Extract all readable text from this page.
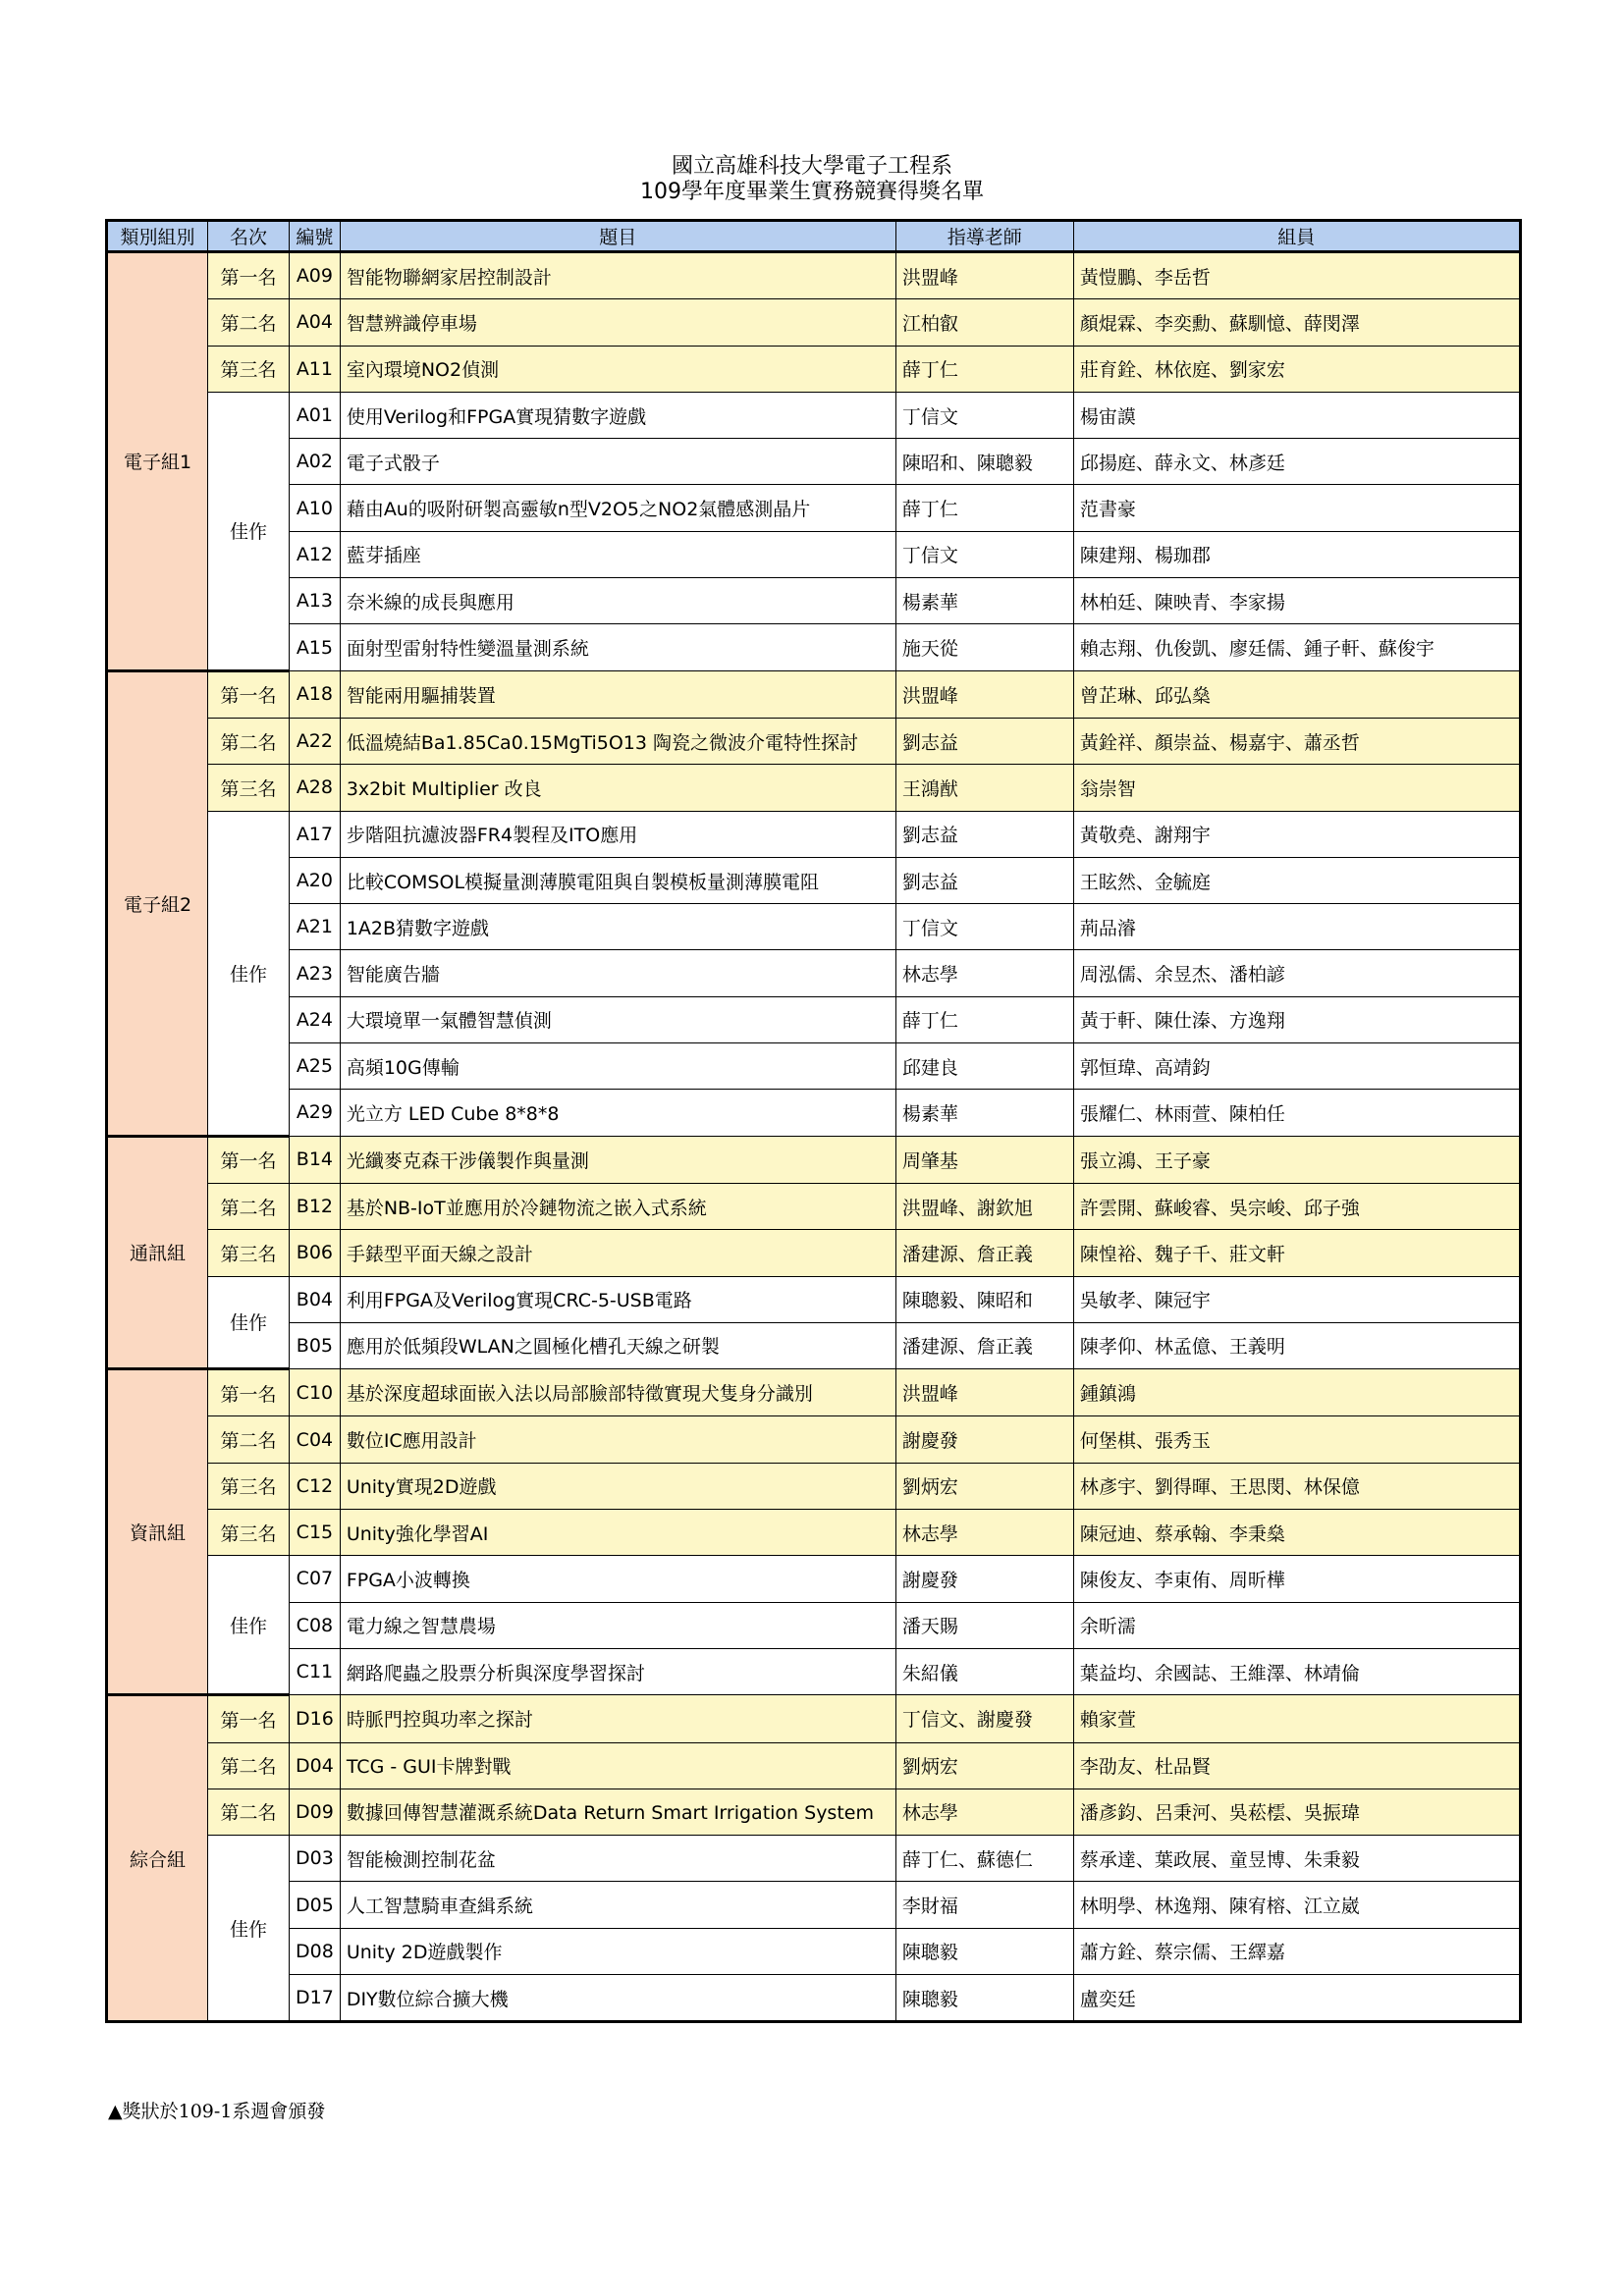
國立高雄科技大學電子工程系
109學年度畢業生實務競賽得獎名單
類別組別	名次	編號	題目	指導老師	組員
電子組1	第一名	A09	智能物聯網家居控制設計	洪盟峰	黃愷鵬、李岳哲
	第二名	A04	智慧辨識停車場	江柏叡	顏焜霖、李奕勳、蘇馴憶、薛閔澤
	第三名	A11	室內環境NO2偵測	薛丁仁	莊育銓、林依庭、劉家宏
	佳作	A01	使用Verilog和FPGA實現猜數字遊戲	丁信文	楊宙謨
		A02	電子式骰子	陳昭和、陳聰毅	邱揚庭、薛永文、林彥廷
		A10	藉由Au的吸附研製高靈敏n型V2O5之NO2氣體感測晶片	薛丁仁	范書豪
		A12	藍芽插座	丁信文	陳建翔、楊珈郡
		A13	奈米線的成長與應用	楊素華	林柏廷、陳映青、李家揚
		A15	面射型雷射特性變溫量測系統	施天從	賴志翔、仇俊凱、廖廷儒、鍾子軒、蘇俊宇
電子組2	第一名	A18	智能兩用驅捕裝置	洪盟峰	曾芷琳、邱弘燊
	第二名	A22	低溫燒結Ba1.85Ca0.15MgTi5O13 陶瓷之微波介電特性探討	劉志益	黃銓祥、顏崇益、楊嘉宇、蕭丞哲
	第三名	A28	3x2bit Multiplier 改良	王鴻猷	翁崇智
	佳作	A17	步階阻抗濾波器FR4製程及ITO應用	劉志益	黃敬堯、謝翔宇
		A20	比較COMSOL模擬量測薄膜電阻與自製模板量測薄膜電阻	劉志益	王眩然、金毓庭
		A21	1A2B猜數字遊戲	丁信文	荊品濬
		A23	智能廣告牆	林志學	周泓儒、余昱杰、潘柏諺
		A24	大環境單一氣體智慧偵測	薛丁仁	黃于軒、陳仕溱、方逸翔
		A25	高頻10G傳輸	邱建良	郭恒瑋、高靖鈞
		A29	光立方 LED Cube 8*8*8	楊素華	張耀仁、林雨萱、陳柏任
通訊組	第一名	B14	光纖麥克森干涉儀製作與量測	周肇基	張立鴻、王子豪
	第二名	B12	基於NB-IoT並應用於冷鏈物流之嵌入式系統	洪盟峰、謝欽旭	許雲開、蘇峻睿、吳宗峻、邱子強
	第三名	B06	手錶型平面天線之設計	潘建源、詹正義	陳惶裕、魏子千、莊文軒
	佳作	B04	利用FPGA及Verilog實現CRC-5-USB電路	陳聰毅、陳昭和	吳敏孝、陳冠宇
		B05	應用於低頻段WLAN之圓極化槽孔天線之研製	潘建源、詹正義	陳孝仰、林孟億、王義明
資訊組	第一名	C10	基於深度超球面嵌入法以局部臉部特徵實現犬隻身分識別	洪盟峰	鍾鎮鴻
	第二名	C04	數位IC應用設計	謝慶發	何堡棋、張秀玉
	第三名	C12	Unity實現2D遊戲	劉炳宏	林彥宇、劉得暉、王思閔、林保億
	第三名	C15	Unity強化學習AI	林志學	陳冠迪、蔡承翰、李秉燊
	佳作	C07	FPGA小波轉換	謝慶發	陳俊友、李東侑、周昕樺
		C08	電力線之智慧農場	潘天賜	余昕濡
		C11	網路爬蟲之股票分析與深度學習探討	朱紹儀	葉益均、余國誌、王維澤、林靖倫
綜合組	第一名	D16	時脈門控與功率之探討	丁信文、謝慶發	賴家萱
	第二名	D04	TCG - GUI卡牌對戰	劉炳宏	李劭友、杜品賢
	第二名	D09	數據回傳智慧灌溉系統Data Return Smart Irrigation System	林志學	潘彥鈞、呂秉河、吳菘橒、吳振瑋
	佳作	D03	智能檢測控制花盆	薛丁仁、蘇德仁	蔡承達、葉政展、童昱博、朱秉毅
		D05	人工智慧騎車查緝系統	李財福	林明學、林逸翔、陳宥榕、江立崴
		D08	Unity 2D遊戲製作	陳聰毅	蕭方銓、蔡宗儒、王繹嘉
		D17	DIY數位綜合擴大機	陳聰毅	盧奕廷
▲獎狀於109-1系週會頒發
